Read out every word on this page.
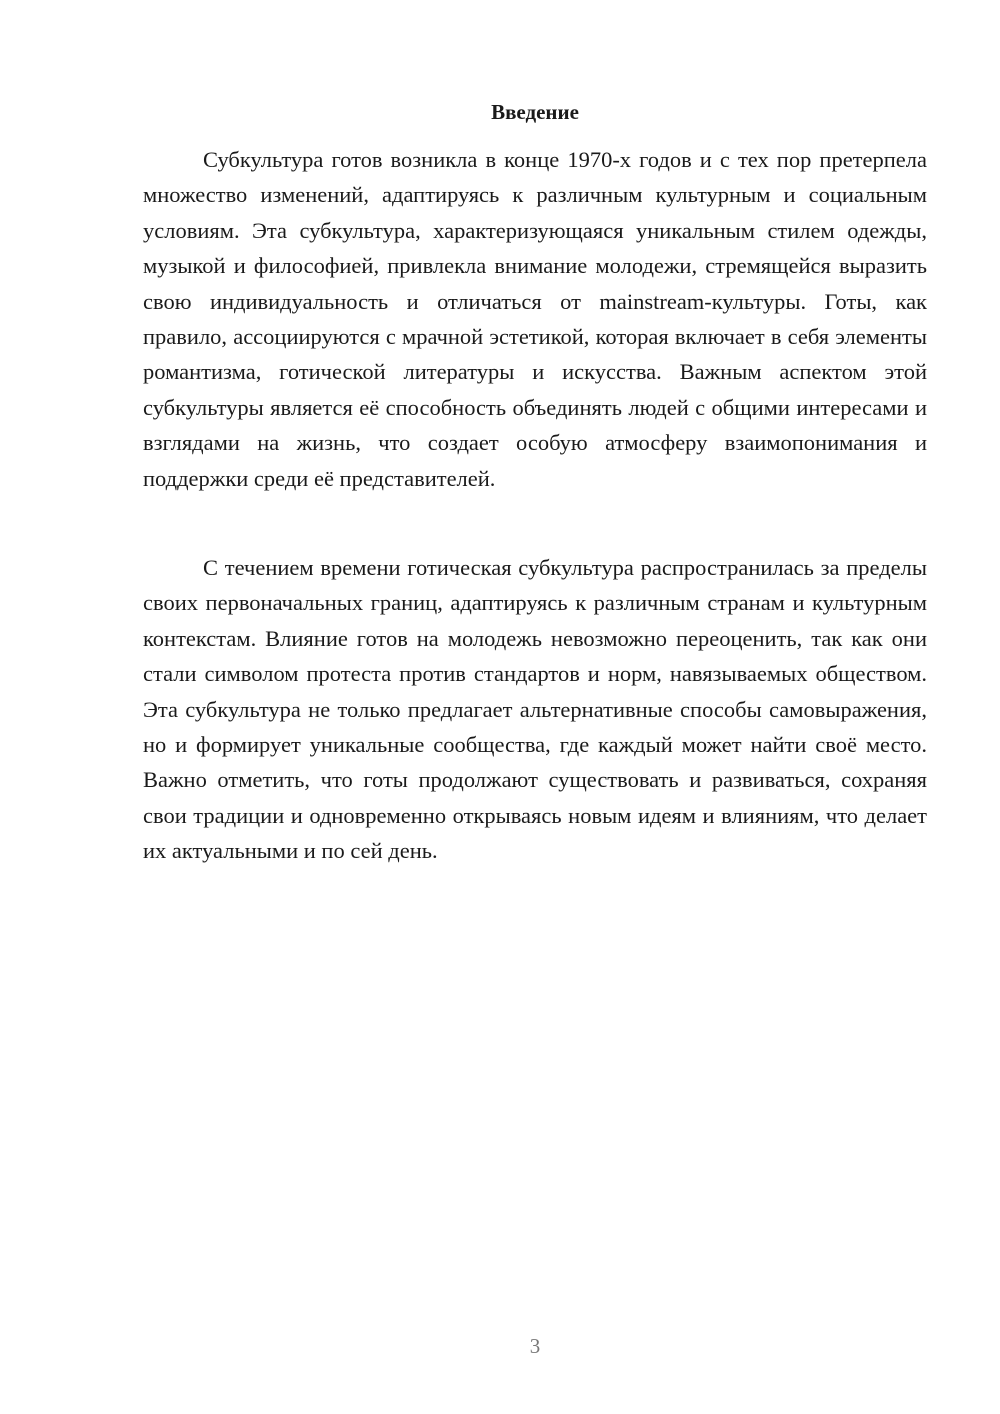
Введение

Субкультура готов возникла в конце 1970-х годов и с тех пор претерпела множество изменений, адаптируясь к различным культурным и социальным условиям. Эта субкультура, характеризующаяся уникальным стилем одежды, музыкой и философией, привлекла внимание молодежи, стремящейся выразить свою индивидуальность и отличаться от mainstream-культуры. Готы, как правило, ассоциируются с мрачной эстетикой, которая включает в себя элементы романтизма, готической литературы и искусства. Важным аспектом этой субкультуры является её способность объединять людей с общими интересами и взглядами на жизнь, что создает особую атмосферу взаимопонимания и поддержки среди её представителей.

С течением времени готическая субкультура распространилась за пределы своих первоначальных границ, адаптируясь к различным странам и культурным контекстам. Влияние готов на молодежь невозможно переоценить, так как они стали символом протеста против стандартов и норм, навязываемых обществом. Эта субкультура не только предлагает альтернативные способы самовыражения, но и формирует уникальные сообщества, где каждый может найти своё место. Важно отметить, что готы продолжают существовать и развиваться, сохраняя свои традиции и одновременно открываясь новым идеям и влияниям, что делает их актуальными и по сей день.

3
